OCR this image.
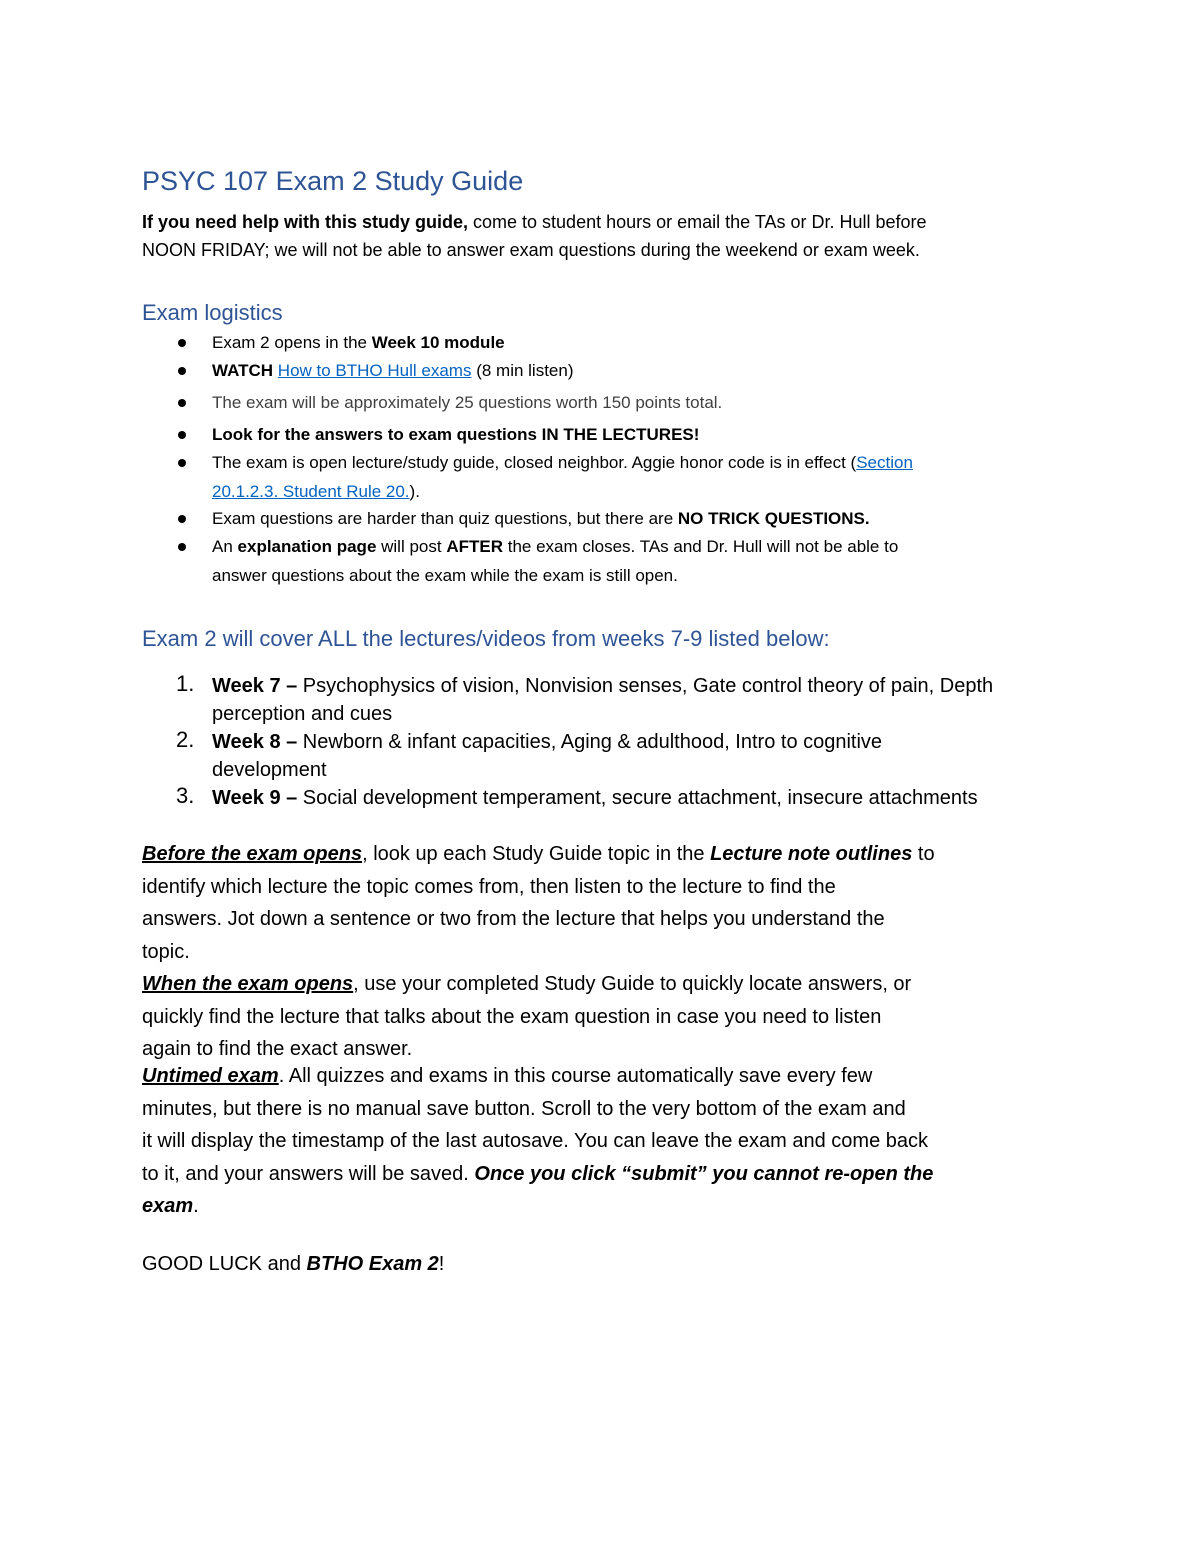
PSYC 107 Exam 2 Study Guide
If you need help with this study guide, come to student hours or email the TAs or Dr. Hull before
NOON FRIDAY; we will not be able to answer exam questions during the weekend or exam week.
Exam logistics
Exam 2 opens in the Week 10 module
WATCH How to BTHO Hull exams (8 min listen)
The exam will be approximately 25 questions worth 150 points total.
Look for the answers to exam questions IN THE LECTURES!
The exam is open lecture/study guide, closed neighbor. Aggie honor code is in effect (Section
20.1.2.3. Student Rule 20.).
Exam questions are harder than quiz questions, but there are NO TRICK QUESTIONS.
An explanation page will post AFTER the exam closes. TAs and Dr. Hull will not be able to
answer questions about the exam while the exam is still open.
Exam 2 will cover ALL the lectures/videos from weeks 7-9 listed below:
1. Week 7 – Psychophysics of vision, Nonvision senses, Gate control theory of pain, Depth
perception and cues
2. Week 8 – Newborn & infant capacities, Aging & adulthood, Intro to cognitive
development
3. Week 9 – Social development temperament, secure attachment, insecure attachments
Before the exam opens, look up each Study Guide topic in the Lecture note outlines to
identify which lecture the topic comes from, then listen to the lecture to find the
answers. Jot down a sentence or two from the lecture that helps you understand the
topic.
When the exam opens, use your completed Study Guide to quickly locate answers, or
quickly find the lecture that talks about the exam question in case you need to listen
again to find the exact answer.
Untimed exam. All quizzes and exams in this course automatically save every few
minutes, but there is no manual save button. Scroll to the very bottom of the exam and
it will display the timestamp of the last autosave. You can leave the exam and come back
to it, and your answers will be saved. Once you click “submit” you cannot re-open the
exam.
GOOD LUCK and BTHO Exam 2!
